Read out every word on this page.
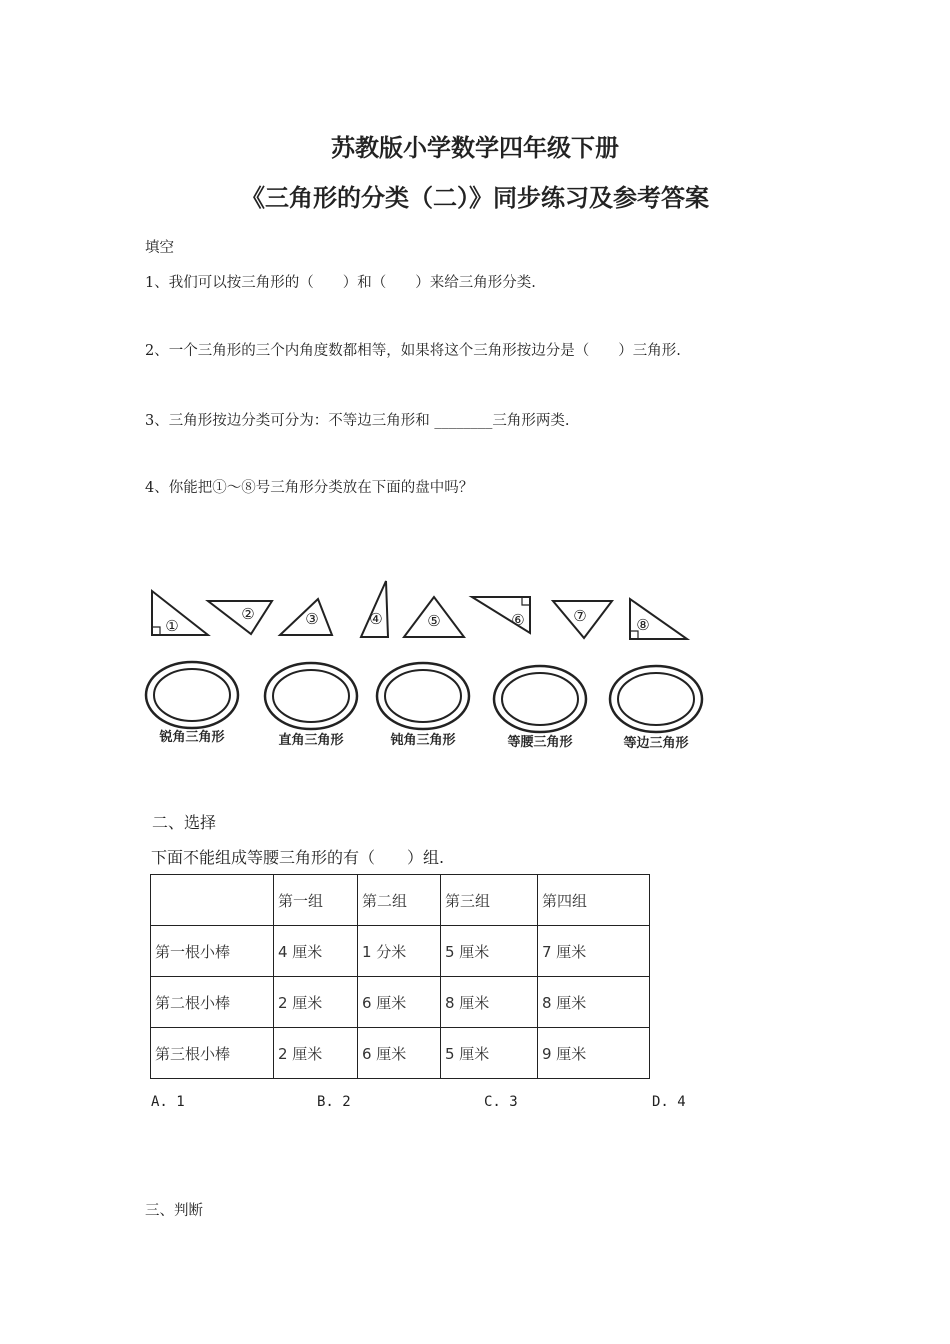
苏教版小学数学四年级下册
《三角形的分类（二）》同步练习及参考答案
填空
1、我们可以按三角形的（　　）和（　　）来给三角形分类.
2、一个三角形的三个内角度数都相等，如果将这个三角形按边分是（　　）三角形.
3、三角形按边分类可分为：不等边三角形和 ________三角形两类.
4、你能把①～⑧号三角形分类放在下面的盘中吗？
①
②	③	④	⑤	⑥	⑦	⑧
锐角三角形	直角三角形	钝角三角形	等腰三角形	等边三角形
二、选择
下面不能组成等腰三角形的有（　　）组.
	第一组	第二组	第三组	第四组
第一根小棒	4 厘米	1 分米	5 厘米	7 厘米
第二根小棒	2 厘米	6 厘米	8 厘米	8 厘米
第三根小棒	2 厘米	6 厘米	5 厘米	9 厘米
A. 1	B. 2	C. 3	D. 4
三、判断
